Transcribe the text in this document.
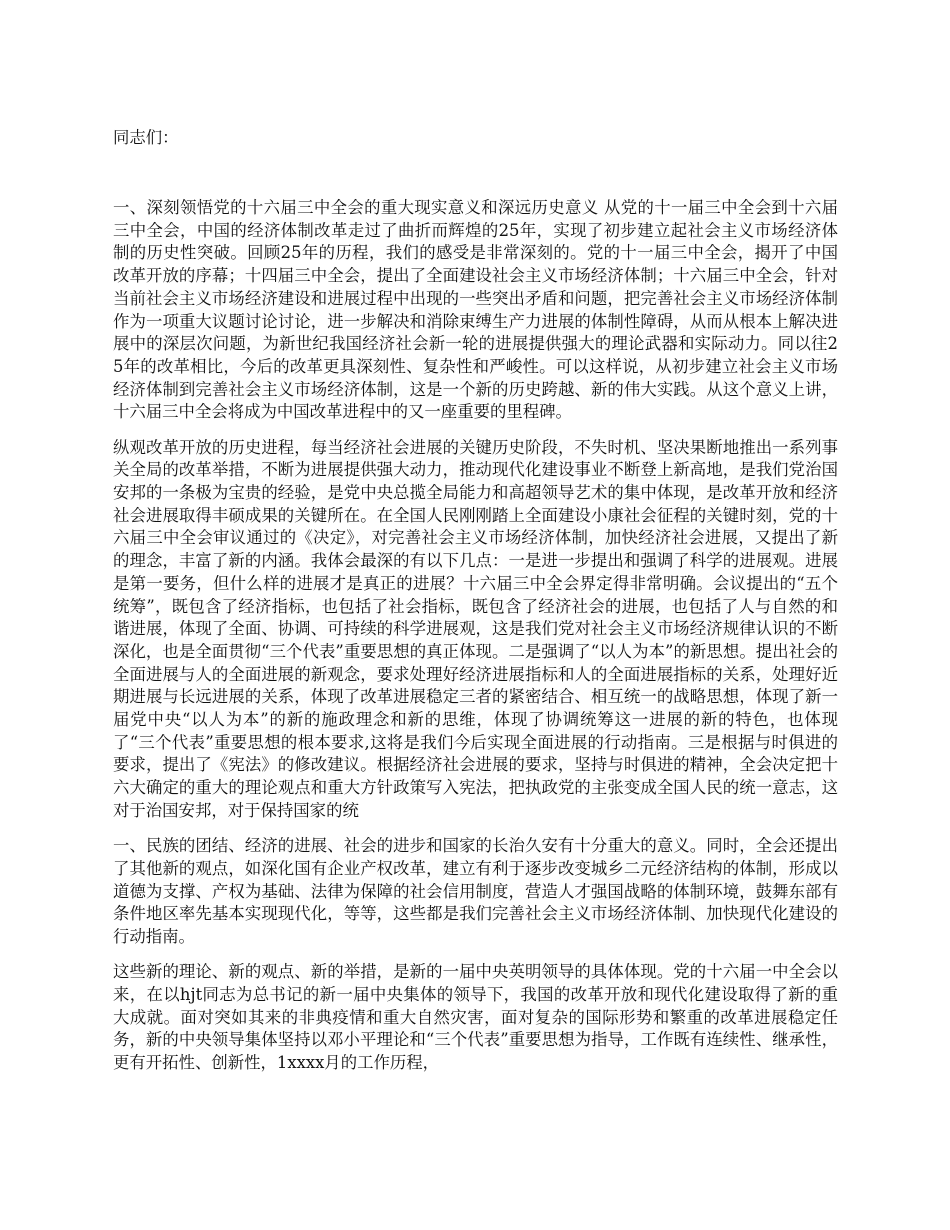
同志们：

一、深刻领悟党的十六届三中全会的重大现实意义和深远历史意义 从党的十一届三中全会到十六届三中全会，中国的经济体制改革走过了曲折而辉煌的25年，实现了初步建立起社会主义市场经济体制的历史性突破。回顾25年的历程，我们的感受是非常深刻的。党的十一届三中全会，揭开了中国改革开放的序幕；十四届三中全会，提出了全面建设社会主义市场经济体制；十六届三中全会，针对当前社会主义市场经济建设和进展过程中出现的一些突出矛盾和问题，把完善社会主义市场经济体制作为一项重大议题讨论讨论，进一步解决和消除束缚生产力进展的体制性障碍，从而从根本上解决进展中的深层次问题，为新世纪我国经济社会新一轮的进展提供强大的理论武器和实际动力。同以往25年的改革相比，今后的改革更具深刻性、复杂性和严峻性。可以这样说，从初步建立社会主义市场经济体制到完善社会主义市场经济体制，这是一个新的历史跨越、新的伟大实践。从这个意义上讲，十六届三中全会将成为中国改革进程中的又一座重要的里程碑。

纵观改革开放的历史进程，每当经济社会进展的关键历史阶段，不失时机、坚决果断地推出一系列事关全局的改革举措，不断为进展提供强大动力，推动现代化建设事业不断登上新高地，是我们党治国安邦的一条极为宝贵的经验，是党中央总揽全局能力和高超领导艺术的集中体现，是改革开放和经济社会进展取得丰硕成果的关键所在。在全国人民刚刚踏上全面建设小康社会征程的关键时刻，党的十六届三中全会审议通过的《决定》，对完善社会主义市场经济体制，加快经济社会进展，又提出了新的理念，丰富了新的内涵。我体会最深的有以下几点：一是进一步提出和强调了科学的进展观。进展是第一要务，但什么样的进展才是真正的进展？十六届三中全会界定得非常明确。会议提出的“五个统筹”，既包含了经济指标，也包括了社会指标，既包含了经济社会的进展，也包括了人与自然的和谐进展，体现了全面、协调、可持续的科学进展观，这是我们党对社会主义市场经济规律认识的不断深化，也是全面贯彻“三个代表”重要思想的真正体现。二是强调了“以人为本”的新思想。提出社会的全面进展与人的全面进展的新观念，要求处理好经济进展指标和人的全面进展指标的关系，处理好近期进展与长远进展的关系，体现了改革进展稳定三者的紧密结合、相互统一的战略思想，体现了新一届党中央“以人为本”的新的施政理念和新的思维，体现了协调统筹这一进展的新的特色，也体现了“三个代表”重要思想的根本要求,这将是我们今后实现全面进展的行动指南。三是根据与时俱进的要求，提出了《宪法》的修改建议。根据经济社会进展的要求，坚持与时俱进的精神，全会决定把十六大确定的重大的理论观点和重大方针政策写入宪法，把执政党的主张变成全国人民的统一意志，这对于治国安邦，对于保持国家的统

一、民族的团结、经济的进展、社会的进步和国家的长治久安有十分重大的意义。同时，全会还提出了其他新的观点，如深化国有企业产权改革，建立有利于逐步改变城乡二元经济结构的体制，形成以道德为支撑、产权为基础、法律为保障的社会信用制度，营造人才强国战略的体制环境，鼓舞东部有条件地区率先基本实现现代化，等等，这些都是我们完善社会主义市场经济体制、加快现代化建设的行动指南。

这些新的理论、新的观点、新的举措，是新的一届中央英明领导的具体体现。党的十六届一中全会以来，在以hjt同志为总书记的新一届中央集体的领导下，我国的改革开放和现代化建设取得了新的重大成就。面对突如其来的非典疫情和重大自然灾害，面对复杂的国际形势和繁重的改革进展稳定任务，新的中央领导集体坚持以邓小平理论和“三个代表”重要思想为指导，工作既有连续性、继承性，更有开拓性、创新性，1xxxx月的工作历程，
